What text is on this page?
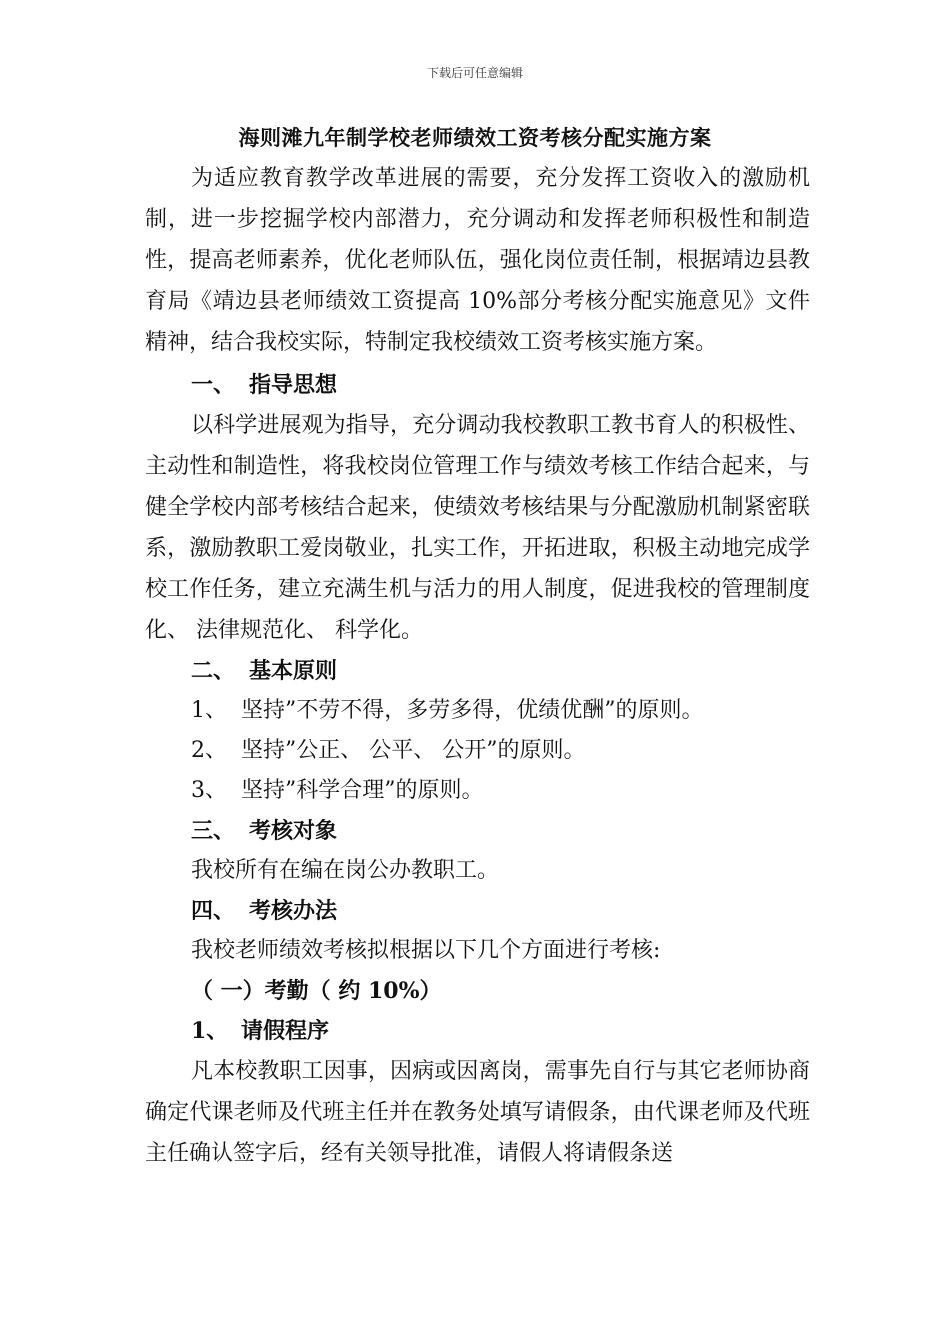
下载后可任意编辑
海则滩九年制学校老师绩效工资考核分配实施方案

为适应教育教学改革进展的需要，充分发挥工资收入的激励机制，进一步挖掘学校内部潜力，充分调动和发挥老师积极性和制造性，提高老师素养，优化老师队伍，强化岗位责任制，根据靖边县教育局《靖边县老师绩效工资提高 10%部分考核分配实施意见》文件精神，结合我校实际，特制定我校绩效工资考核实施方案。

一、 指导思想

以科学进展观为指导，充分调动我校教职工教书育人的积极性、 主动性和制造性，将我校岗位管理工作与绩效考核工作结合起来，与健全学校内部考核结合起来，使绩效考核结果与分配激励机制紧密联系，激励教职工爱岗敬业，扎实工作，开拓进取，积极主动地完成学校工作任务，建立充满生机与活力的用人制度，促进我校的管理制度化、 法律规范化、 科学化。

二、 基本原则
1、 坚持”不劳不得，多劳多得，优绩优酬”的原则。
2、 坚持”公正、 公平、 公开”的原则。
3、 坚持”科学合理”的原则。
三、 考核对象
我校所有在编在岗公办教职工。
四、 考核办法
我校老师绩效考核拟根据以下几个方面进行考核:
（ 一）考勤（ 约 10%）
1、 请假程序

凡本校教职工因事，因病或因离岗，需事先自行与其它老师协商确定代课老师及代班主任并在教务处填写请假条，由代课老师及代班主任确认签字后，经有关领导批准，请假人将请假条送
